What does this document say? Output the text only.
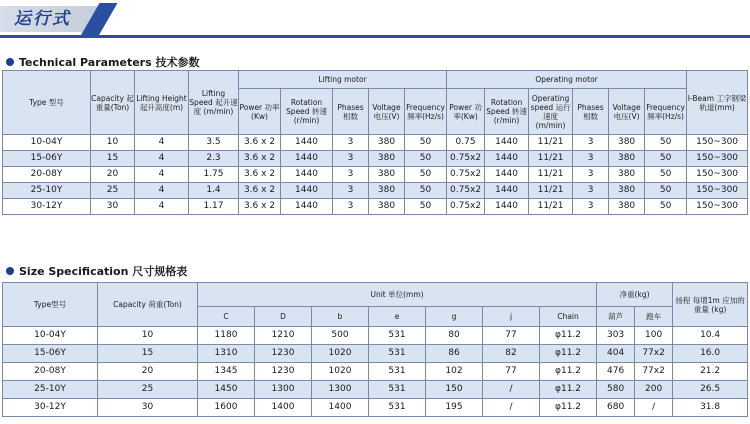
运行式
Technical Parameters 技术参数
Type 型号	Capacity 起重量(Ton)	Lifting Height 起升高度(m)	Lifting Speed 起升速度 (m/min)	Lifting motor					Operating motor						I-Beam 工字钢梁 轨道(mm)
				Power 功率(Kw)	Rotation Speed 转速(r/min)	Phases 相数	Voltage 电压(V)	Frequency 频率(Hz/s)	Power 功率(Kw)	Rotation Speed 转速(r/min)	Operating speed 运行速度 (m/min)	Phases 相数	Voltage 电压(V)	Frequency 频率(Hz/s)	
10-04Y	10	4	3.5	3.6 x 2	1440	3	380	50	0.75	1440	11/21	3	380	50	150~300
15-06Y	15	4	2.3	3.6 x 2	1440	3	380	50	0.75x2	1440	11/21	3	380	50	150~300
20-08Y	20	4	1.75	3.6 x 2	1440	3	380	50	0.75x2	1440	11/21	3	380	50	150~300
25-10Y	25	4	1.4	3.6 x 2	1440	3	380	50	0.75x2	1440	11/21	3	380	50	150~300
30-12Y	30	4	1.17	3.6 x 2	1440	3	380	50	0.75x2	1440	11/21	3	380	50	150~300
Size Specification 尺寸规格表
Type型号	Capacity 荷重(Ton)	Unit 单位(mm)							净重(kg)		扬程 每增1m 应加的重量 (kg)
		C	D	b	e	g	j	Chain	葫芦	跑车	
10-04Y	10	1180	1210	500	531	80	77	φ11.2	303	100	10.4
15-06Y	15	1310	1230	1020	531	86	82	φ11.2	404	77x2	16.0
20-08Y	20	1345	1230	1020	531	102	77	φ11.2	476	77x2	21.2
25-10Y	25	1450	1300	1300	531	150	/	φ11.2	580	200	26.5
30-12Y	30	1600	1400	1400	531	195	/	φ11.2	680	/	31.8
